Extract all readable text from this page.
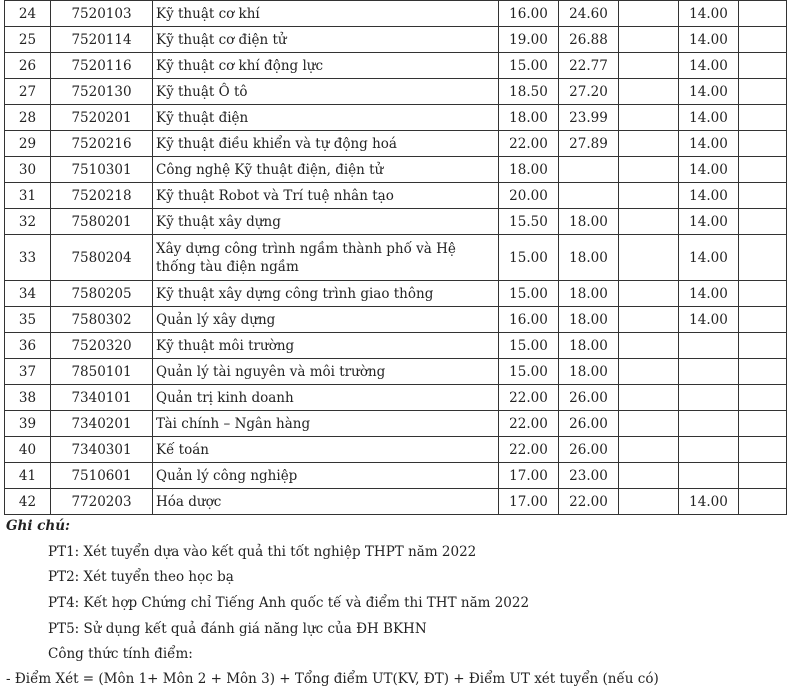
24	7520103	Kỹ thuật cơ khí	16.00	24.60		14.00	
25	7520114	Kỹ thuật cơ điện tử	19.00	26.88		14.00	
26	7520116	Kỹ thuật cơ khí động lực	15.00	22.77		14.00	
27	7520130	Kỹ thuật Ô tô	18.50	27.20		14.00	
28	7520201	Kỹ thuật điện	18.00	23.99		14.00	
29	7520216	Kỹ thuật điều khiển và tự động hoá	22.00	27.89		14.00	
30	7510301	Công nghệ Kỹ thuật điện, điện tử	18.00			14.00	
31	7520218	Kỹ thuật Robot và Trí tuệ nhân tạo	20.00			14.00	
32	7580201	Kỹ thuật xây dựng	15.50	18.00		14.00	
33	7580204	Xây dựng công trình ngầm thành phố và Hệ thống tàu điện ngầm	15.00	18.00		14.00	
34	7580205	Kỹ thuật xây dựng công trình giao thông	15.00	18.00		14.00	
35	7580302	Quản lý xây dựng	16.00	18.00		14.00	
36	7520320	Kỹ thuật môi trường	15.00	18.00			
37	7850101	Quản lý tài nguyên và môi trường	15.00	18.00			
38	7340101	Quản trị kinh doanh	22.00	26.00			
39	7340201	Tài chính – Ngân hàng	22.00	26.00			
40	7340301	Kế toán	22.00	26.00			
41	7510601	Quản lý công nghiệp	17.00	23.00			
42	7720203	Hóa dược	17.00	22.00		14.00	
Ghi chú:
PT1: Xét tuyển dựa vào kết quả thi tốt nghiệp THPT năm 2022
PT2: Xét tuyển theo học bạ
PT4: Kết hợp Chứng chỉ Tiếng Anh quốc tế và điểm thi THT năm 2022
PT5: Sử dụng kết quả đánh giá năng lực của ĐH BKHN
Công thức tính điểm:
- Điểm Xét = (Môn 1+ Môn 2 + Môn 3) + Tổng điểm UT(KV, ĐT) + Điểm UT xét tuyển (nếu có)
